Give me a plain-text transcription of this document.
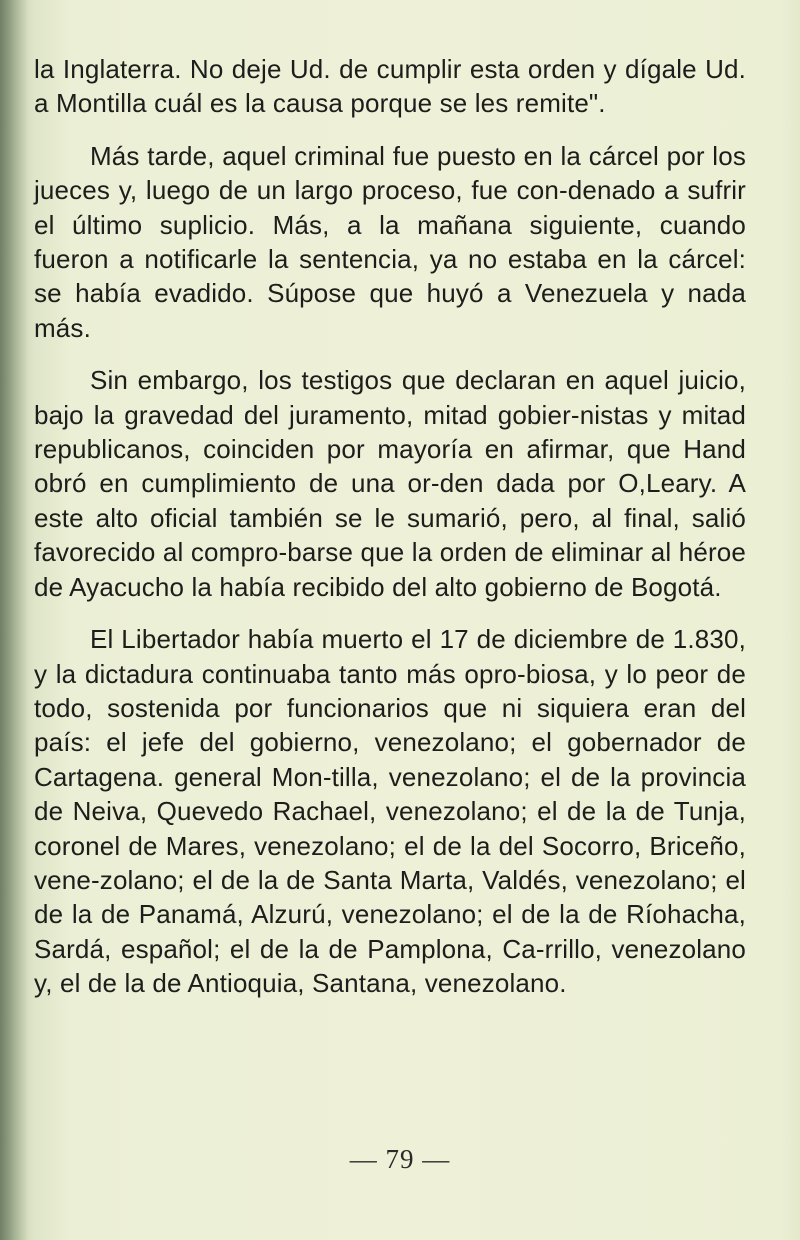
la Inglaterra. No deje Ud. de cumplir esta orden y dígale Ud. a Montilla cuál es la causa porque se les remite".

Más tarde, aquel criminal fue puesto en la cárcel por los jueces y, luego de un largo proceso, fue con-denado a sufrir el último suplicio. Más, a la mañana siguiente, cuando fueron a notificarle la sentencia, ya no estaba en la cárcel: se había evadido. Súpose que huyó a Venezuela y nada más.

Sin embargo, los testigos que declaran en aquel juicio, bajo la gravedad del juramento, mitad gobier-nistas y mitad republicanos, coinciden por mayoría en afirmar, que Hand obró en cumplimiento de una or-den dada por O,Leary. A este alto oficial también se le sumarió, pero, al final, salió favorecido al compro-barse que la orden de eliminar al héroe de Ayacucho la había recibido del alto gobierno de Bogotá.

El Libertador había muerto el 17 de diciembre de 1.830, y la dictadura continuaba tanto más opro-biosa, y lo peor de todo, sostenida por funcionarios que ni siquiera eran del país: el jefe del gobierno, venezolano; el gobernador de Cartagena. general Mon-tilla, venezolano; el de la provincia de Neiva, Quevedo Rachael, venezolano; el de la de Tunja, coronel de Mares, venezolano; el de la del Socorro, Briceño, vene-zolano; el de la de Santa Marta, Valdés, venezolano; el de la de Panamá, Alzurú, venezolano; el de la de Ríohacha, Sardá, español; el de la de Pamplona, Ca-rrillo, venezolano y, el de la de Antioquia, Santana, venezolano.

— 79 —
